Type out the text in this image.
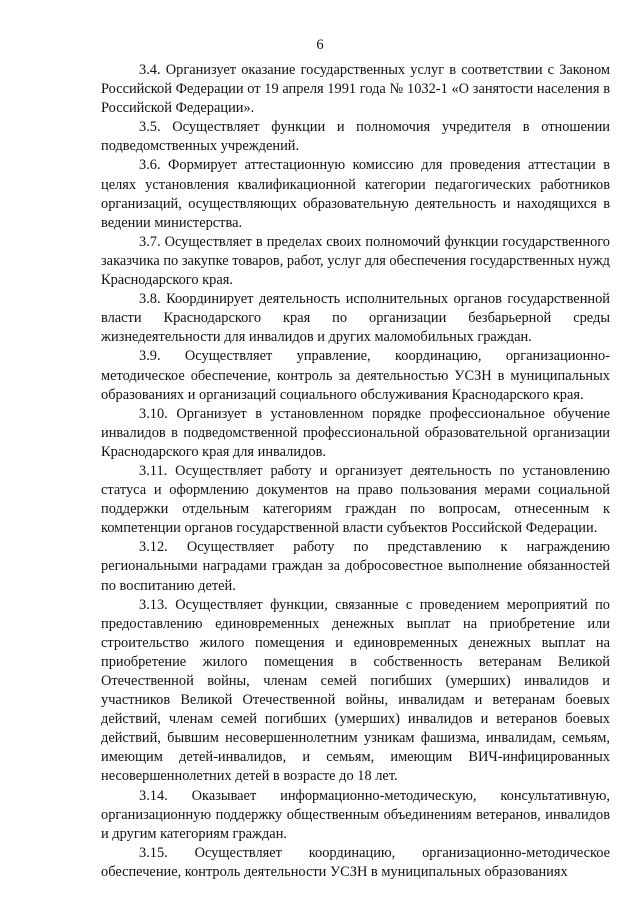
6

3.4. Организует оказание государственных услуг в соответствии с Законом Российской Федерации от 19 апреля 1991 года № 1032-1 «О занятости населения в Российской Федерации».

3.5. Осуществляет функции и полномочия учредителя в отношении подведомственных учреждений.

3.6. Формирует аттестационную комиссию для проведения аттестации в целях установления квалификационной категории педагогических работников организаций, осуществляющих образовательную деятельность и находящихся в ведении министерства.

3.7. Осуществляет в пределах своих полномочий функции государственного заказчика по закупке товаров, работ, услуг для обеспечения государственных нужд Краснодарского края.

3.8. Координирует деятельность исполнительных органов государственной власти Краснодарского края по организации безбарьерной среды жизнедеятельности для инвалидов и других маломобильных граждан.

3.9. Осуществляет управление, координацию, организационно-методическое обеспечение, контроль за деятельностью УСЗН в муниципальных образованиях и организаций социального обслуживания Краснодарского края.

3.10. Организует в установленном порядке профессиональное обучение инвалидов в подведомственной профессиональной образовательной организации Краснодарского края для инвалидов.

3.11. Осуществляет работу и организует деятельность по установлению статуса и оформлению документов на право пользования мерами социальной поддержки отдельным категориям граждан по вопросам, отнесенным к компетенции органов государственной власти субъектов Российской Федерации.

3.12. Осуществляет работу по представлению к награждению региональными наградами граждан за добросовестное выполнение обязанностей по воспитанию детей.

3.13. Осуществляет функции, связанные с проведением мероприятий по предоставлению единовременных денежных выплат на приобретение или строительство жилого помещения и единовременных денежных выплат на приобретение жилого помещения в собственность ветеранам Великой Отечественной войны, членам семей погибших (умерших) инвалидов и участников Великой Отечественной войны, инвалидам и ветеранам боевых действий, членам семей погибших (умерших) инвалидов и ветеранов боевых действий, бывшим несовершеннолетним узникам фашизма, инвалидам, семьям, имеющим детей-инвалидов, и семьям, имеющим ВИЧ-инфицированных несовершеннолетних детей в возрасте до 18 лет.

3.14. Оказывает информационно-методическую, консультативную, организационную поддержку общественным объединениям ветеранов, инвалидов и другим категориям граждан.

3.15. Осуществляет координацию, организационно-методическое обеспечение, контроль деятельности УСЗН в муниципальных образованиях
